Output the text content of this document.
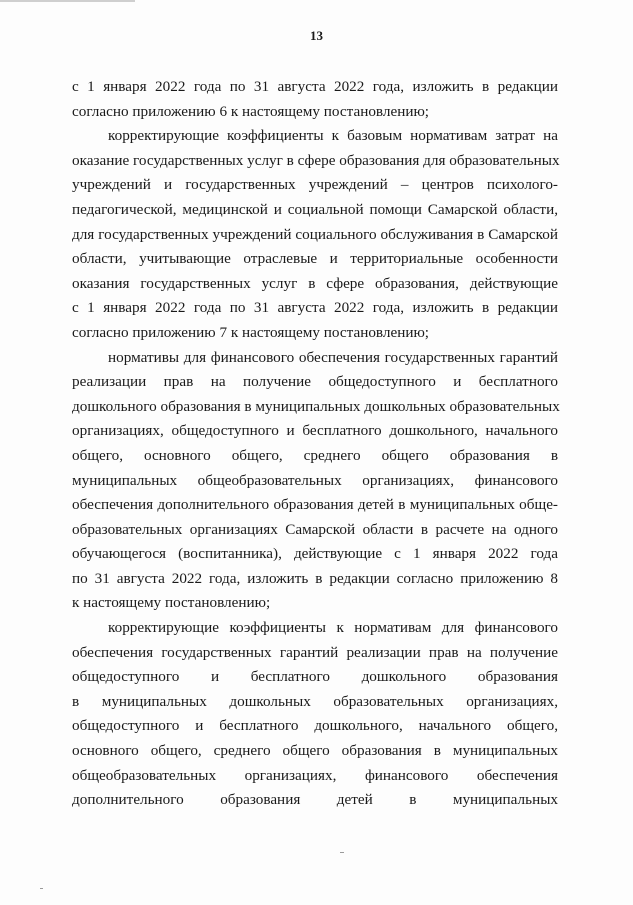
13

с 1 января 2022 года по 31 августа 2022 года, изложить в редакции
согласно приложению 6 к настоящему постановлению;

корректирующие коэффициенты к базовым нормативам затрат на
оказание государственных услуг в сфере образования для образовательных
учреждений и государственных учреждений – центров психолого-
педагогической, медицинской и социальной помощи Самарской области,
для государственных учреждений социального обслуживания в Самарской
области, учитывающие отраслевые и территориальные особенности
оказания государственных услуг в сфере образования, действующие
с 1 января 2022 года по 31 августа 2022 года, изложить в редакции
согласно приложению 7 к настоящему постановлению;

нормативы для финансового обеспечения государственных гарантий
реализации прав на получение общедоступного и бесплатного
дошкольного образования в муниципальных дошкольных образовательных
организациях, общедоступного и бесплатного дошкольного, начального
общего, основного общего, среднего общего образования в
муниципальных общеобразовательных организациях, финансового
обеспечения дополнительного образования детей в муниципальных обще-
образовательных организациях Самарской области в расчете на одного
обучающегося (воспитанника), действующие с 1 января 2022 года
по 31 августа 2022 года, изложить в редакции согласно приложению 8
к настоящему постановлению;

корректирующие коэффициенты к нормативам для финансового
обеспечения государственных гарантий реализации прав на получение
общедоступного и бесплатного дошкольного образования
в муниципальных дошкольных образовательных организациях,
общедоступного и бесплатного дошкольного, начального общего,
основного общего, среднего общего образования в муниципальных
общеобразовательных организациях, финансового обеспечения
дополнительного образования детей в муниципальных
